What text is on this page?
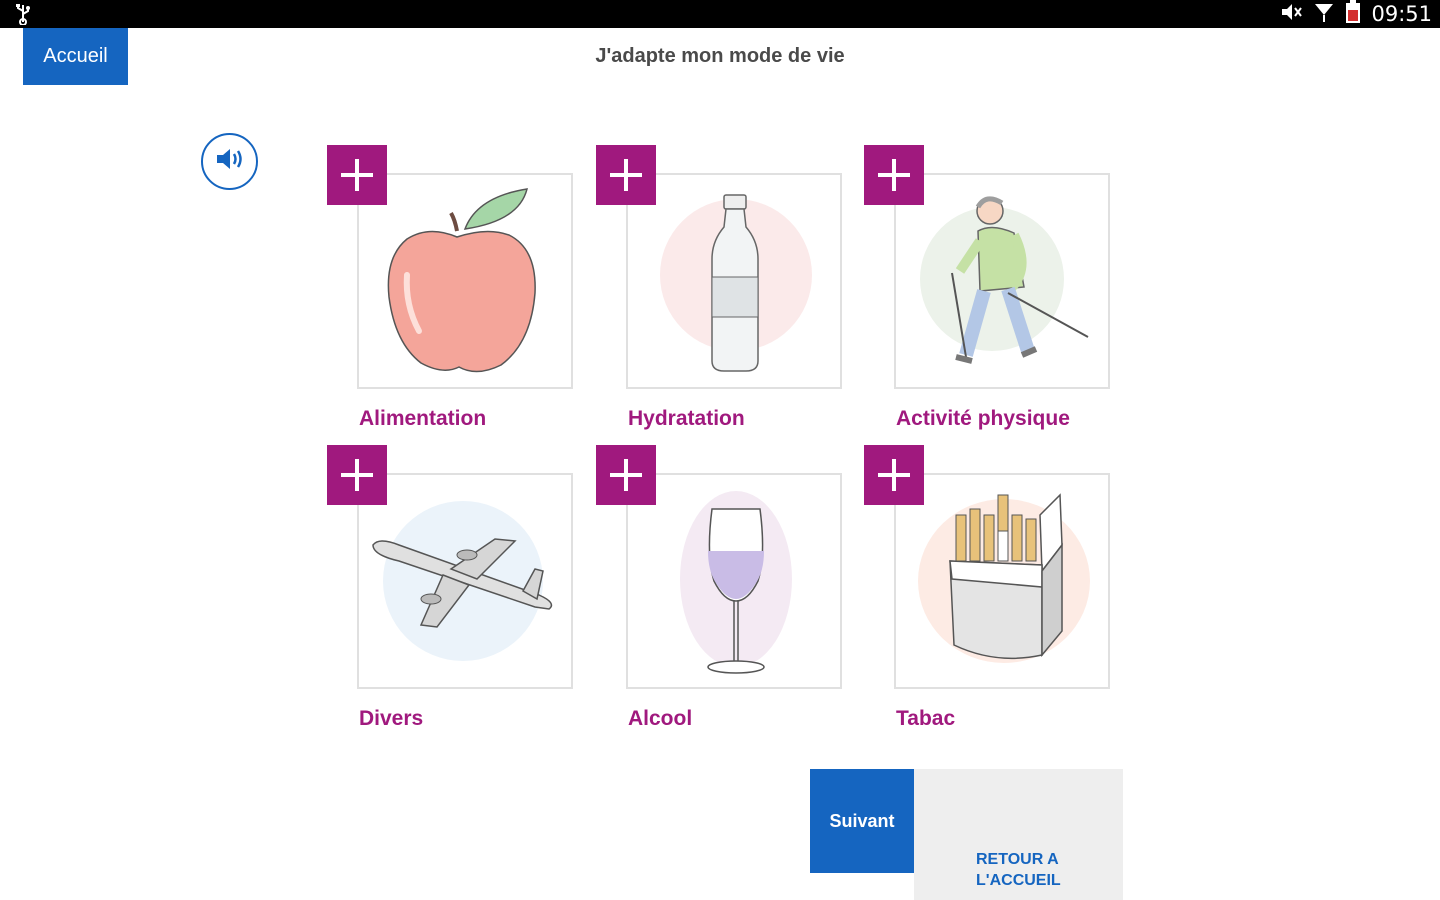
09:51
Accueil	J'adapte mon mode de vie
Alimentation	Hydratation	Activité physique
Divers	Alcool	Tabac
Suivant
RETOUR A
L'ACCUEIL
